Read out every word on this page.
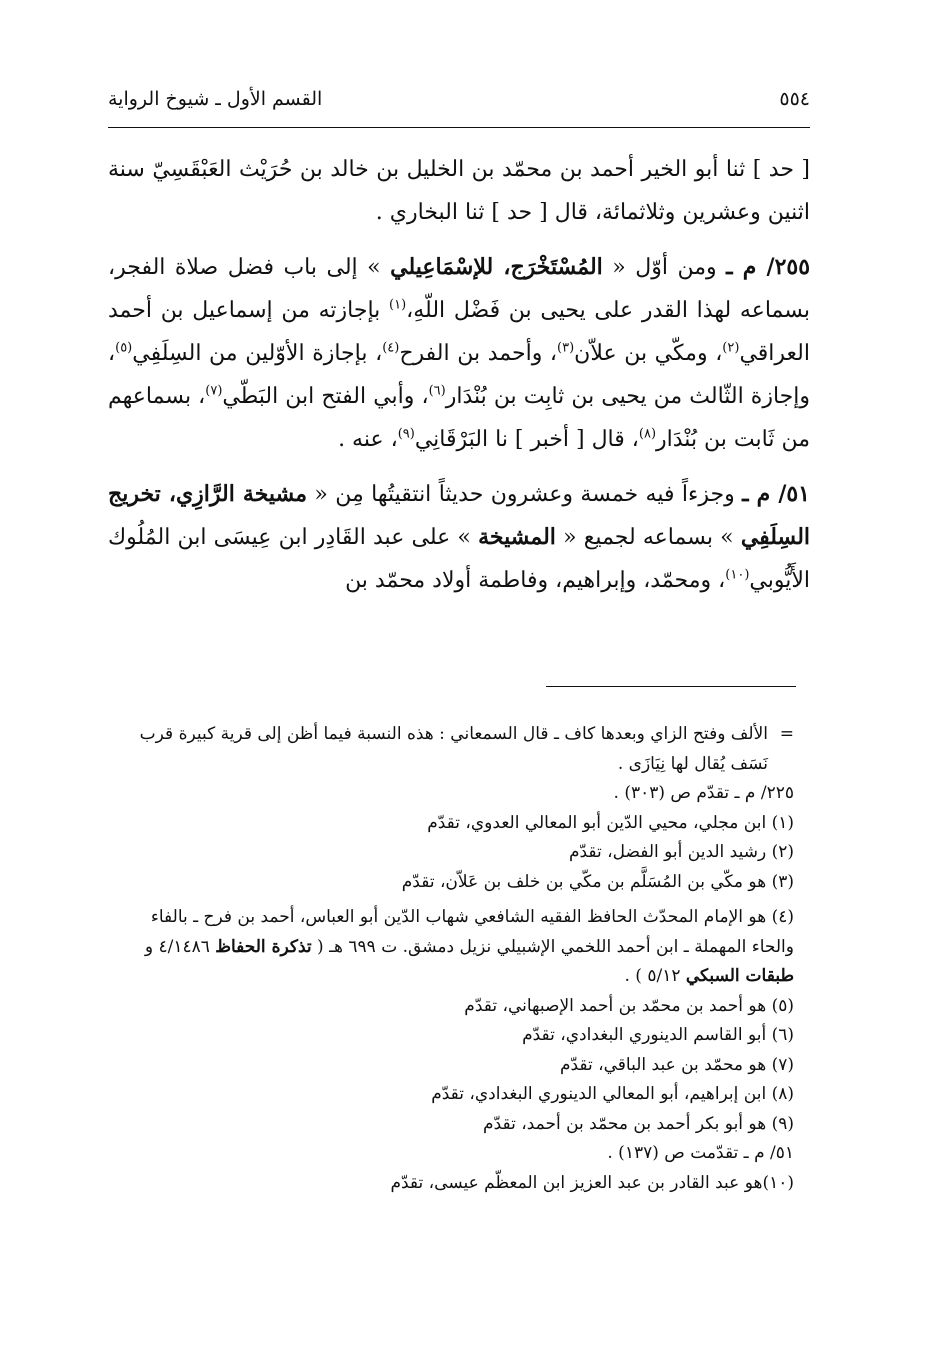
٥٥٤
القسم الأول ـ شيوخ الرواية

[ حد ] ثنا أبو الخير أحمد بن محمّد بن الخليل بن خالد بن حُرَيْث العَبْقَسِيّ سنة اثنين وعشرين وثلاثمائة، قال [ حد ] ثنا البخاري .

٢٥٥/ م ـ ومن أوّل « المُسْتَخْرَج، للإسْمَاعِيلي » إلى باب فضل صلاة الفجر، بسماعه لهذا القدر على يحيى بن فَضْل اللّهِ،$^{(١)}$ بإجازته من إسماعيل بن أحمد العراقي$^{(٢)}$، ومكّي بن علاّن$^{(٣)}$، وأحمد بن الفرح$^{(٤)}$، بإجازة الأوّلين من السِلَفِي$^{(٥)}$، وإجازة الثّالث من يحيى بن ثابِت بن بُنْدَار$^{(٦)}$، وأبي الفتح ابن البَطّي$^{(٧)}$، بسماعهم من ثَابت بن بُنْدَار$^{(٨)}$، قال [ أخبر ] نا البَرْقَانِي$^{(٩)}$، عنه .

٥١/ م ـ وجزءاً فيه خمسة وعشرون حديثاً انتقيتُها مِن « مشيخة الرَّازِي، تخريج السِلَفِي » بسماعه لجميع « المشيخة » على عبد القَادِر ابن عِيسَى ابن المُلُوك الأَيُّوبي$^{(١٠)}$، ومحمّد، وإبراهيم، وفاطمة أولاد محمّد بن

=
الألف وفتح الزاي وبعدها كاف ـ قال السمعاني : هذه النسبة فيما أظن إلى قرية كبيرة قرب نَسَف يُقال لها نِيَازَى .

٢٢٥/ م ـ تقدّم ص (٣٠٣) .

(١) ابن مجلي، محيي الدّين أبو المعالي العدوي، تقدّم

(٢) رشيد الدين أبو الفضل، تقدّم

(٣) هو مكّي بن المُسَلَّم بن مكّي بن خلف بن عَلاّن، تقدّم

(٤) هو الإمام المحدّث الحافظ الفقيه الشافعي شهاب الدّين أبو العباس، أحمد بن فرح ـ بالفاء والحاء المهملة ـ ابن أحمد اللخمي الإشبيلي نزيل دمشق. ت ٦٩٩ هـ ( تذكرة الحفاظ ٤/١٤٨٦ و طبقات السبكي ٥/١٢ ) .

(٥) هو أحمد بن محمّد بن أحمد الإصبهاني، تقدّم

(٦) أبو القاسم الدينوري البغدادي، تقدّم

(٧) هو محمّد بن عبد الباقي، تقدّم

(٨) ابن إبراهيم، أبو المعالي الدينوري البغدادي، تقدّم

(٩) هو أبو بكر أحمد بن محمّد بن أحمد، تقدّم

٥١/ م ـ تقدّمت ص (١٣٧) .

(١٠)هو عبد القادر بن عبد العزيز ابن المعظّم عيسى، تقدّم
